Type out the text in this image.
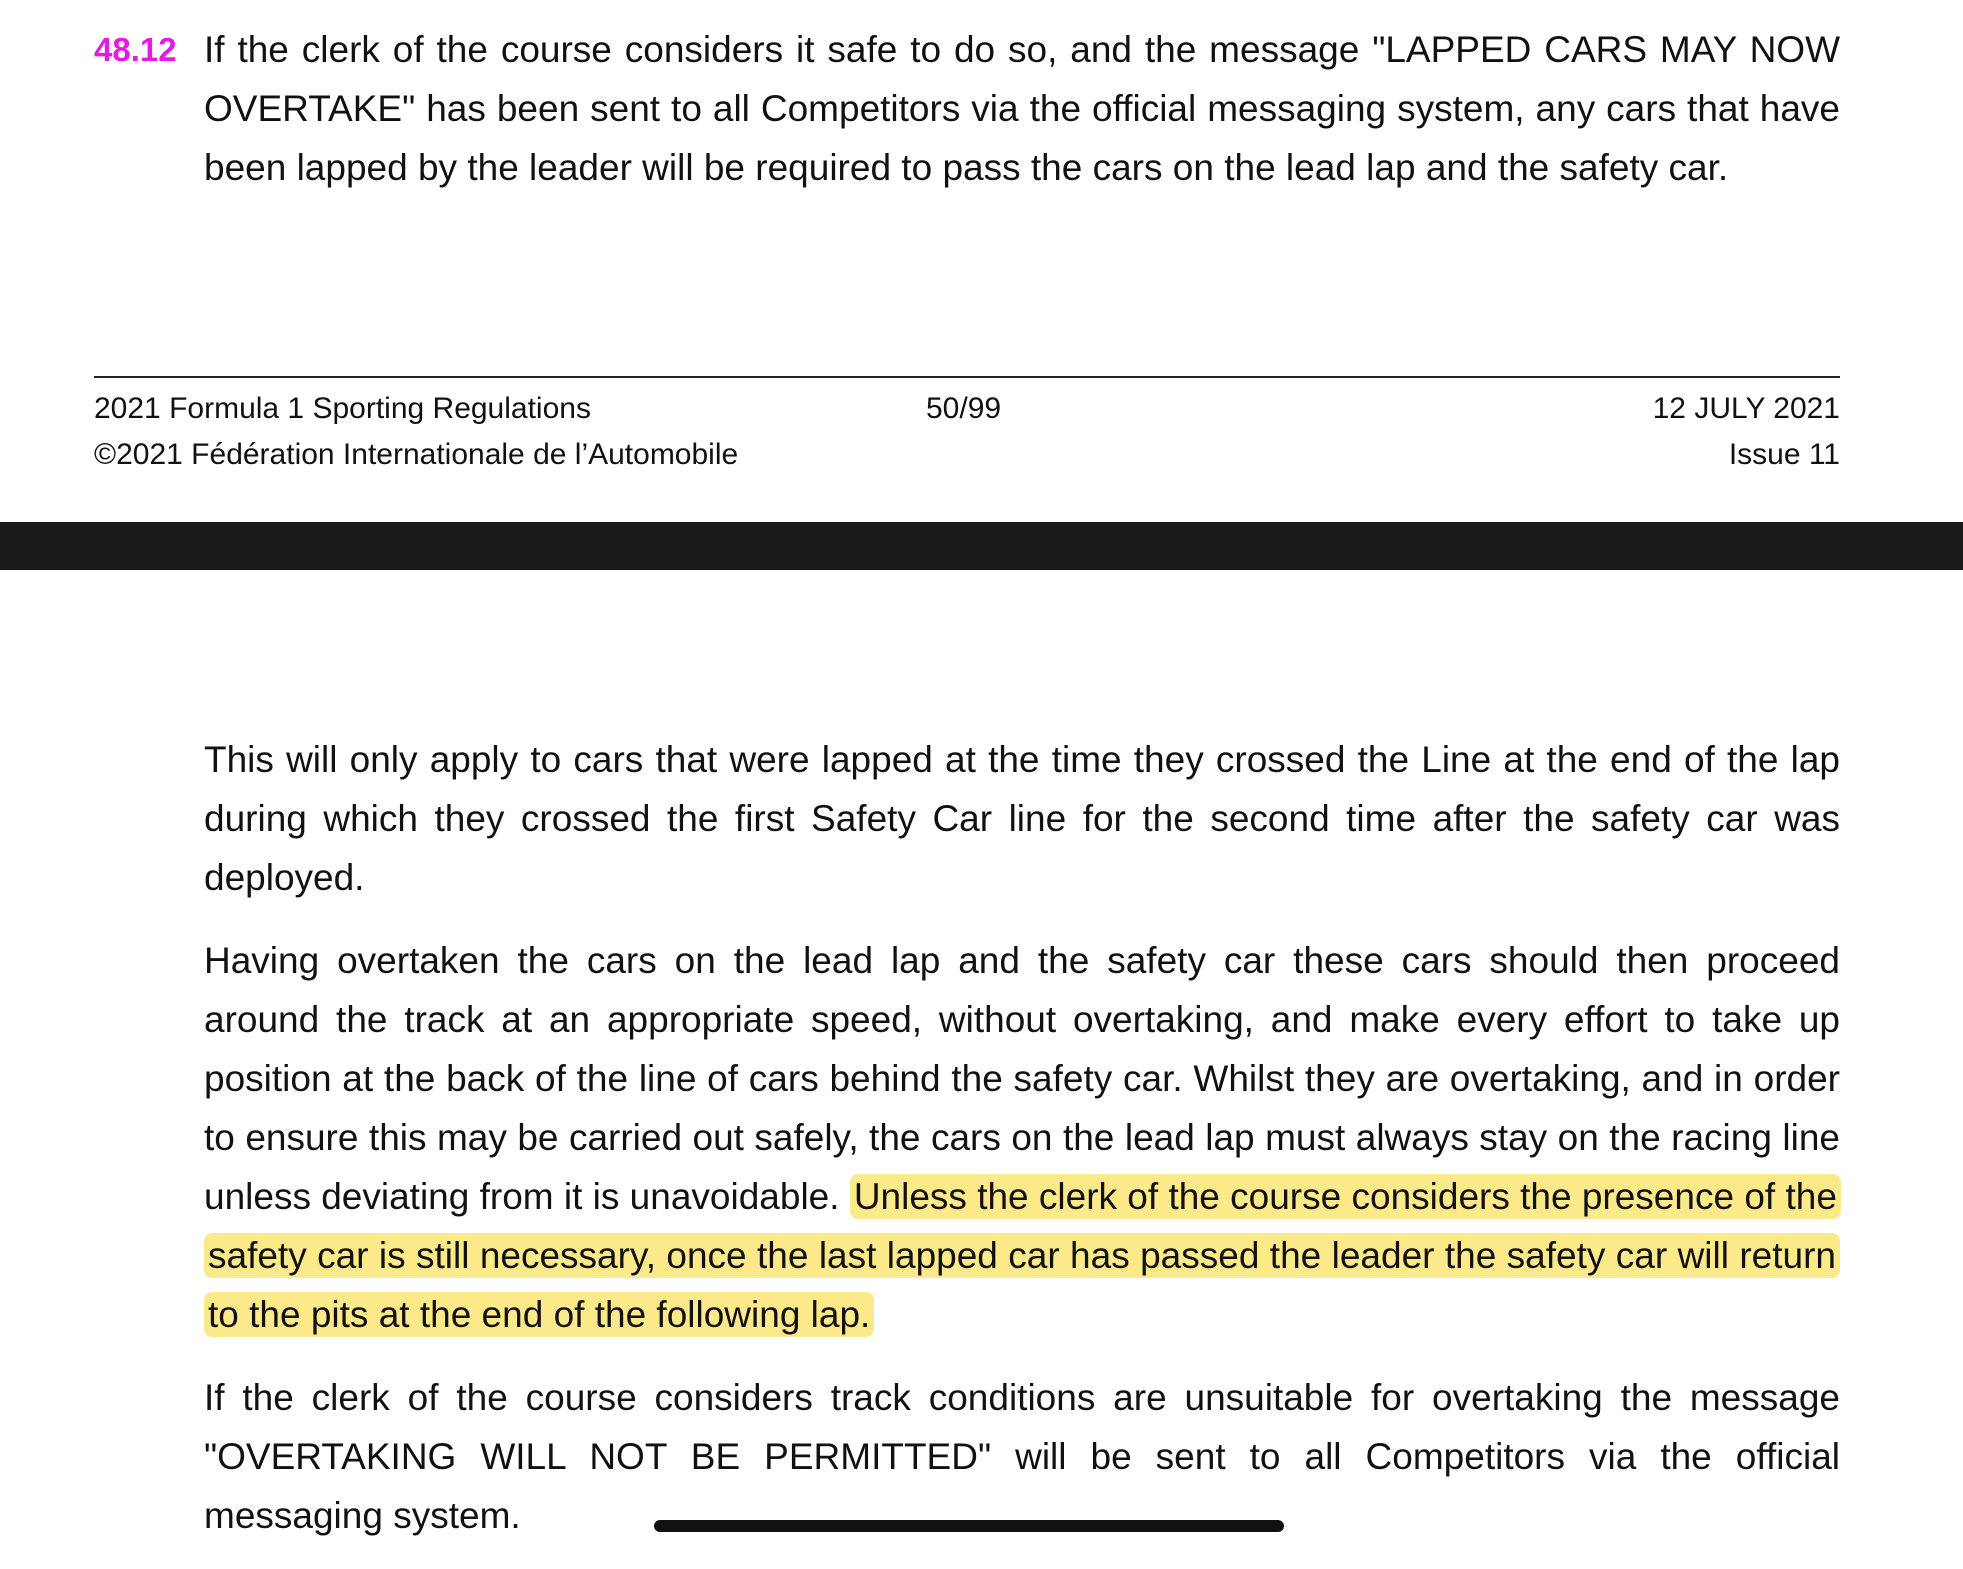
48.12 If the clerk of the course considers it safe to do so, and the message "LAPPED CARS MAY NOW OVERTAKE" has been sent to all Competitors via the official messaging system, any cars that have been lapped by the leader will be required to pass the cars on the lead lap and the safety car.

2021 Formula 1 Sporting Regulations
©2021 Fédération Internationale de l’Automobile
50/99	12 JULY 2021
Issue 11

This will only apply to cars that were lapped at the time they crossed the Line at the end of the lap during which they crossed the first Safety Car line for the second time after the safety car was deployed.

Having overtaken the cars on the lead lap and the safety car these cars should then proceed around the track at an appropriate speed, without overtaking, and make every effort to take up position at the back of the line of cars behind the safety car. Whilst they are overtaking, and in order to ensure this may be carried out safely, the cars on the lead lap must always stay on the racing line unless deviating from it is unavoidable. Unless the clerk of the course considers the presence of the safety car is still necessary, once the last lapped car has passed the leader the safety car will return to the pits at the end of the following lap.

If the clerk of the course considers track conditions are unsuitable for overtaking the message "OVERTAKING WILL NOT BE PERMITTED" will be sent to all Competitors via the official messaging system.
